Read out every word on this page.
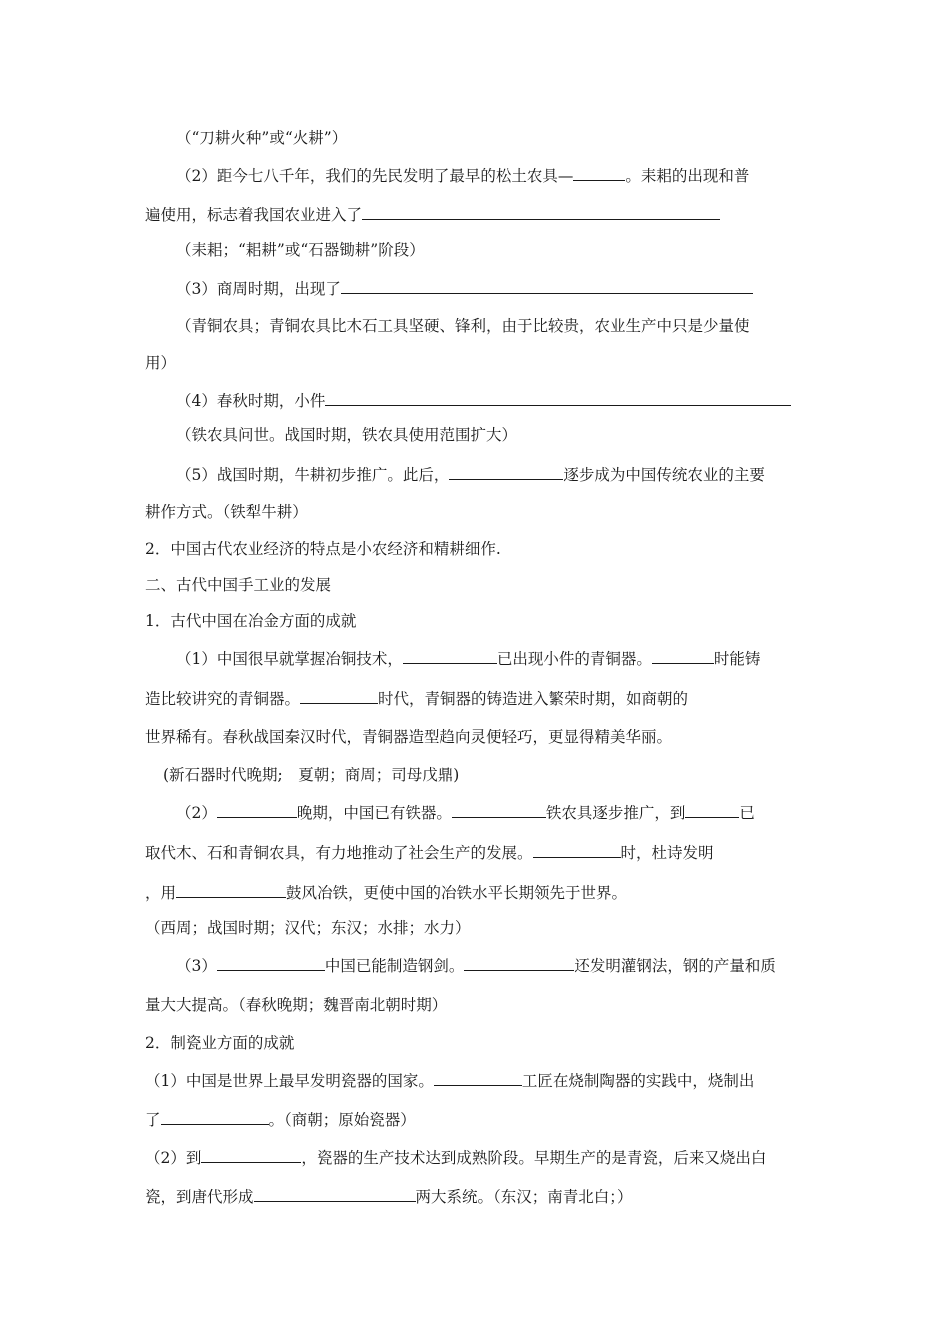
（“刀耕火种”或“火耕”）
（2）距今七八千年，我们的先民发明了最早的松土农具—	。耒耜的出现和普
遍使用，标志着我国农业进入了
（耒耜；“耜耕”或“石器锄耕”阶段）
（3）商周时期，出现了
（青铜农具；青铜农具比木石工具坚硬、锋利，由于比较贵，农业生产中只是少量使
用）
（4）春秋时期，小件
（铁农具问世。战国时期，铁农具使用范围扩大）
（5）战国时期，牛耕初步推广。此后，	逐步成为中国传统农业的主要
耕作方式。（铁犁牛耕）
2．中国古代农业经济的特点是小农经济和精耕细作.
二、古代中国手工业的发展
1．古代中国在冶金方面的成就
（1）中国很早就掌握冶铜技术，	已出现小件的青铜器。	时能铸
造比较讲究的青铜器。	时代，青铜器的铸造进入繁荣时期，如商朝的
世界稀有。春秋战国秦汉时代，青铜器造型趋向灵便轻巧，更显得精美华丽。
(新石器时代晚期;　夏朝；商周；司母戊鼎)
（2）	晚期，中国已有铁器。	铁农具逐步推广，到	已
取代木、石和青铜农具，有力地推动了社会生产的发展。	时，杜诗发明
，用	鼓风冶铁，更使中国的冶铁水平长期领先于世界。
（西周；战国时期；汉代；东汉；水排；水力）
（3）	中国已能制造钢剑。	还发明灌钢法，钢的产量和质
量大大提高。（春秋晚期；魏晋南北朝时期）
2．制瓷业方面的成就
（1）中国是世界上最早发明瓷器的国家。	工匠在烧制陶器的实践中，烧制出
了	。（商朝；原始瓷器）
（2）到	，瓷器的生产技术达到成熟阶段。早期生产的是青瓷，后来又烧出白
瓷，到唐代形成	两大系统。（东汉；南青北白；）
